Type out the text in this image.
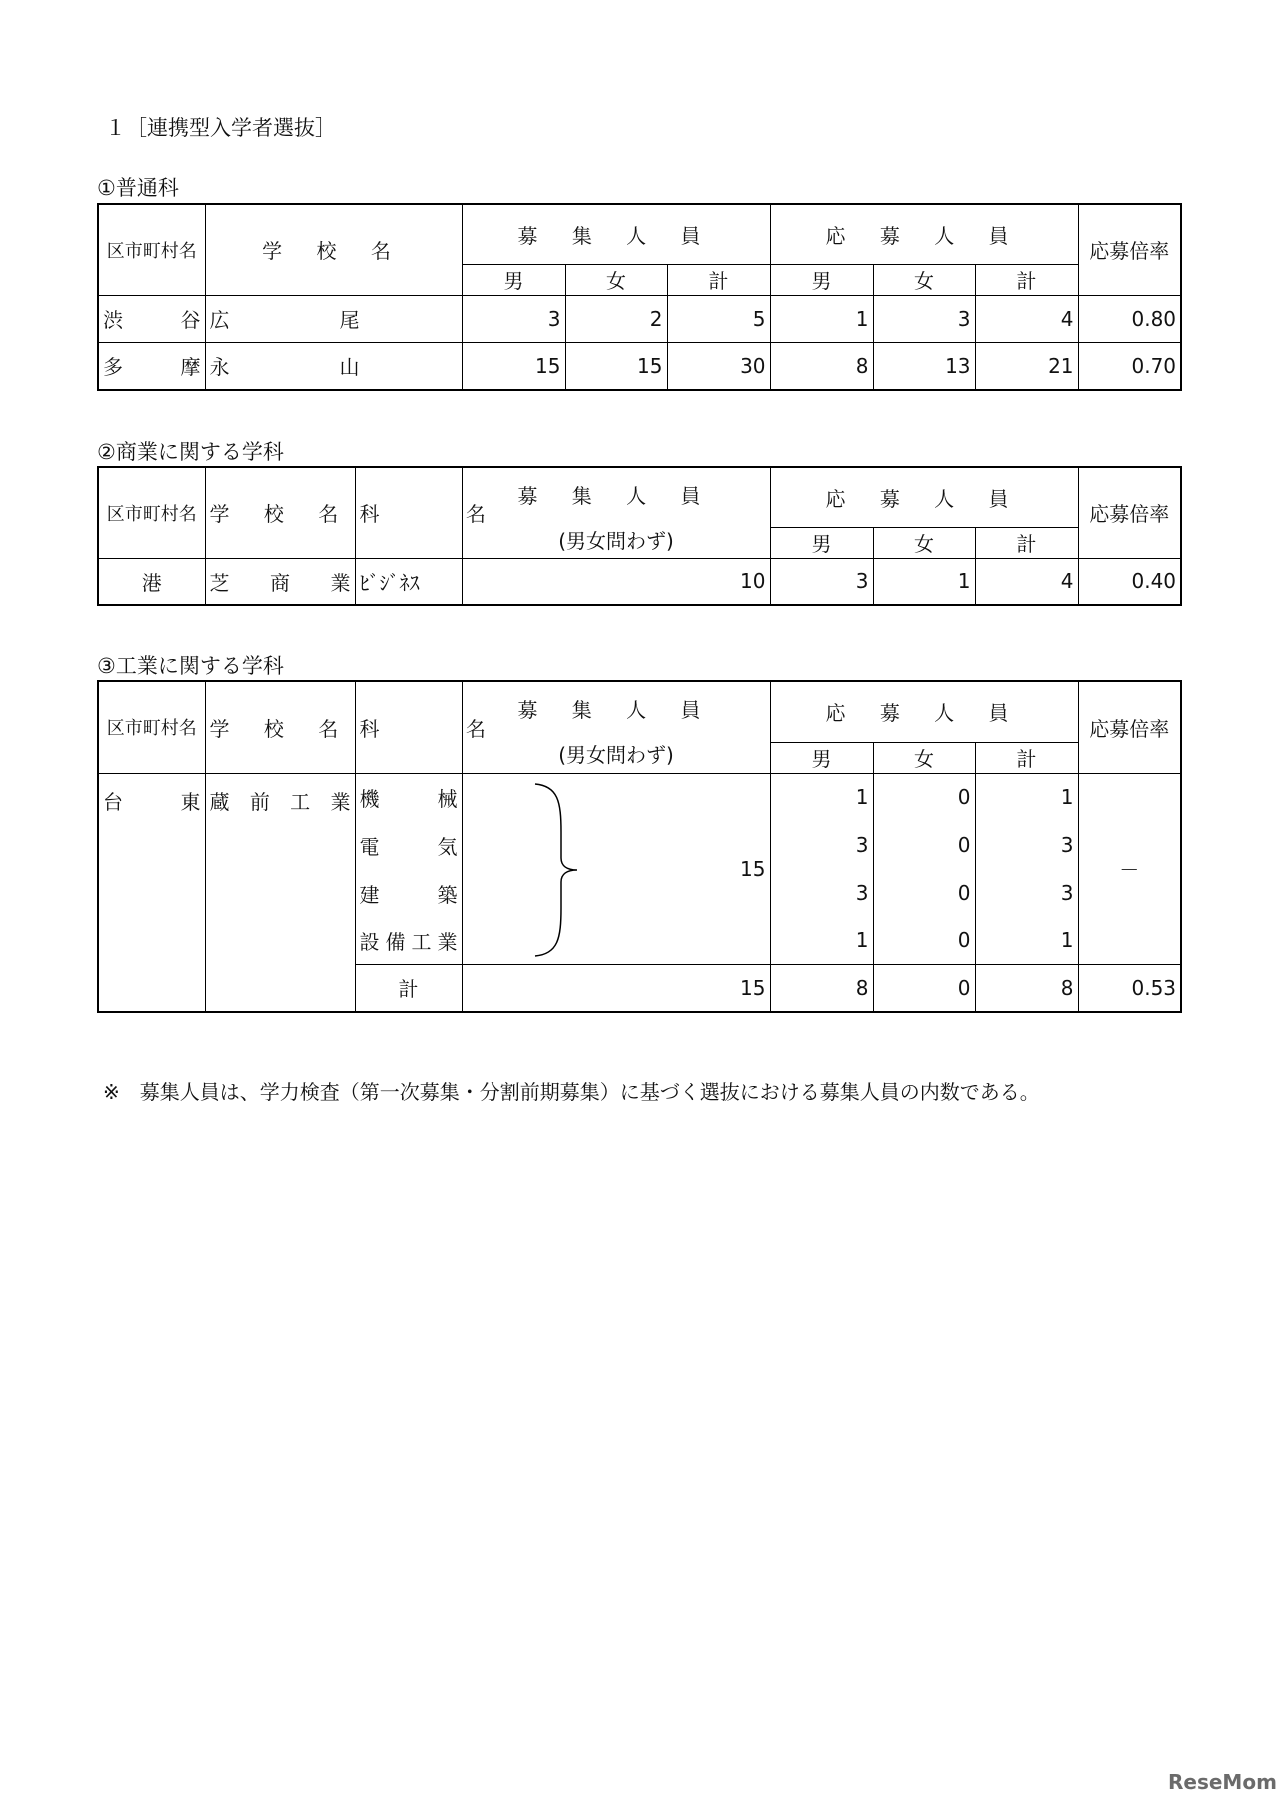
１［連携型入学者選抜］
①普通科
区市町村名	学 校 名	募 集 人 員			応 募 人 員			応募倍率
		男	女	計	男	女	計	
渋谷	広尾	3	2	5	1	3	4	0.80
多摩	永山	15	15	30	8	13	21	0.70
②商業に関する学科
区市町村名	学 校 名	科 名	募 集 人 員
(男女問わず)	応 募 人 員			応募倍率
				男	女	計	
港	芝商業	ﾋﾞｼﾞﾈｽ	10	3	1	4	0.40
③工業に関する学科
区市町村名	学 校 名	科 名	募 集 人 員
(男女問わず)	応 募 人 員			応募倍率
				男	女	計	
台東	蔵前工業	機械	15	1	0	1	－
		電気		3	0	3	
		建築		3	0	3	
		設備工業		1	0	1	
		計	15	8	0	8	0.53
※　募集人員は、学力検査（第一次募集・分割前期募集）に基づく選抜における募集人員の内数である。
ReseMom
